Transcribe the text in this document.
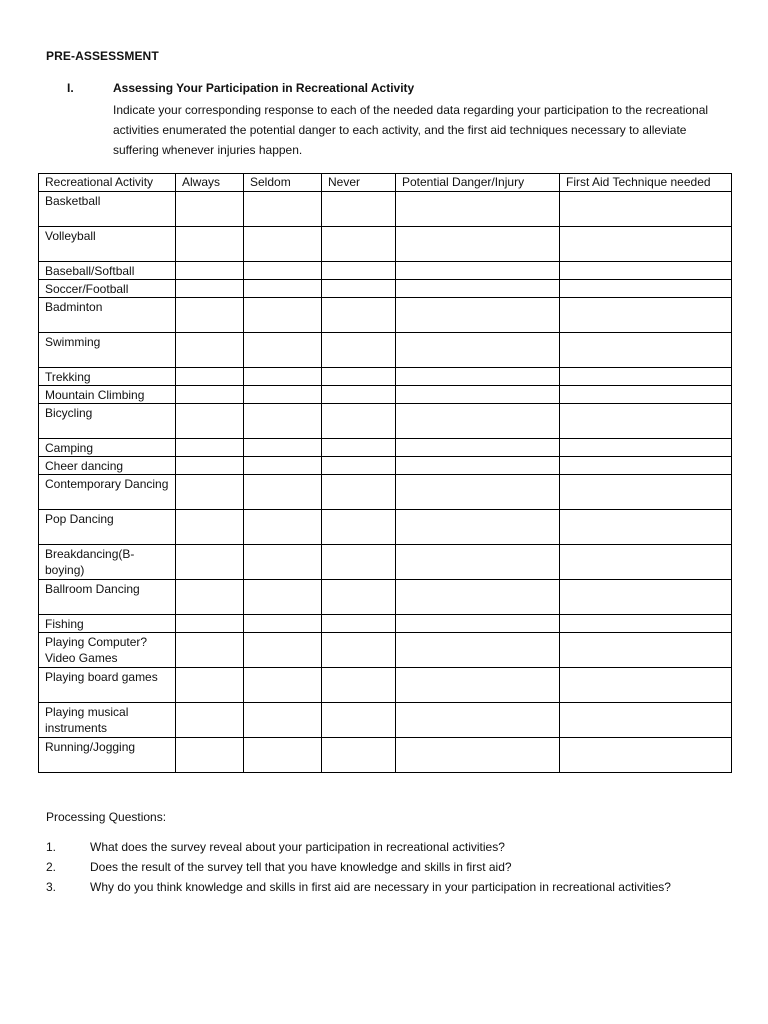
PRE-ASSESSMENT
I.	Assessing Your Participation in Recreational Activity
Indicate your corresponding response to each of the needed data regarding your participation to the recreational activities enumerated the potential danger to each activity, and the first aid techniques necessary to alleviate suffering whenever injuries happen.
Recreational Activity	Always	Seldom	Never	Potential Danger/Injury	First Aid Technique needed
Basketball					
Volleyball					
Baseball/Softball					
Soccer/Football					
Badminton					
Swimming					
Trekking					
Mountain Climbing					
Bicycling					
Camping					
Cheer dancing					
Contemporary Dancing					
Pop Dancing					
Breakdancing(B-boying)					
Ballroom Dancing					
Fishing					
Playing Computer? Video Games					
Playing board games					
Playing musical instruments					
Running/Jogging					
Processing Questions:
1.	What does the survey reveal about your participation in recreational activities?
2.	Does the result of the survey tell that you have knowledge and skills in first aid?
3.	Why do you think knowledge and skills in first aid are necessary in your participation in recreational activities?
